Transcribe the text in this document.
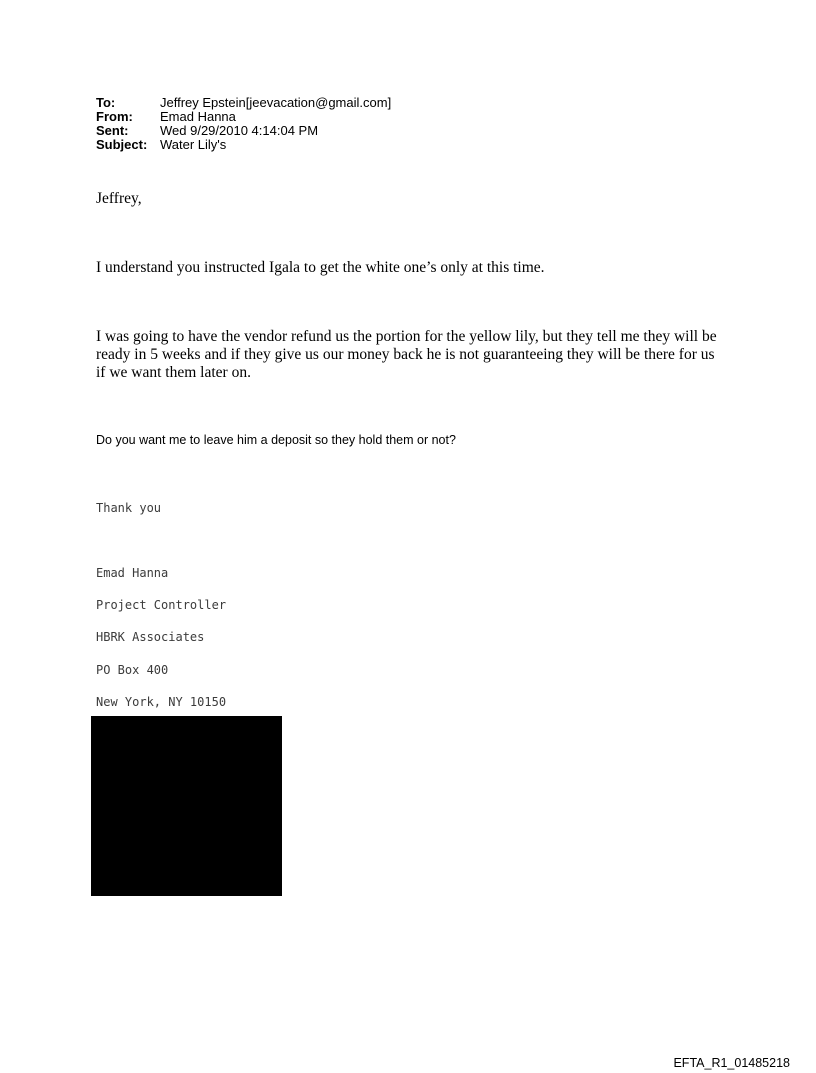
To:	Jeffrey Epstein[jeevacation@gmail.com]
From:	Emad Hanna
Sent:	Wed 9/29/2010 4:14:04 PM
Subject: Water Lily's
Jeffrey,
I understand you instructed Igala to get the white one’s only at this time.
I was going to have the vendor refund us the portion for the yellow lily, but they tell me they will be ready in 5 weeks and if they give us our money back he is not guaranteeing they will be there for us if we want them later on.
Do you want me to leave him a deposit so they hold them or not?
Thank you
Emad Hanna
Project Controller
HBRK Associates
PO Box 400
New York, NY 10150
EFTA_R1_01485218
